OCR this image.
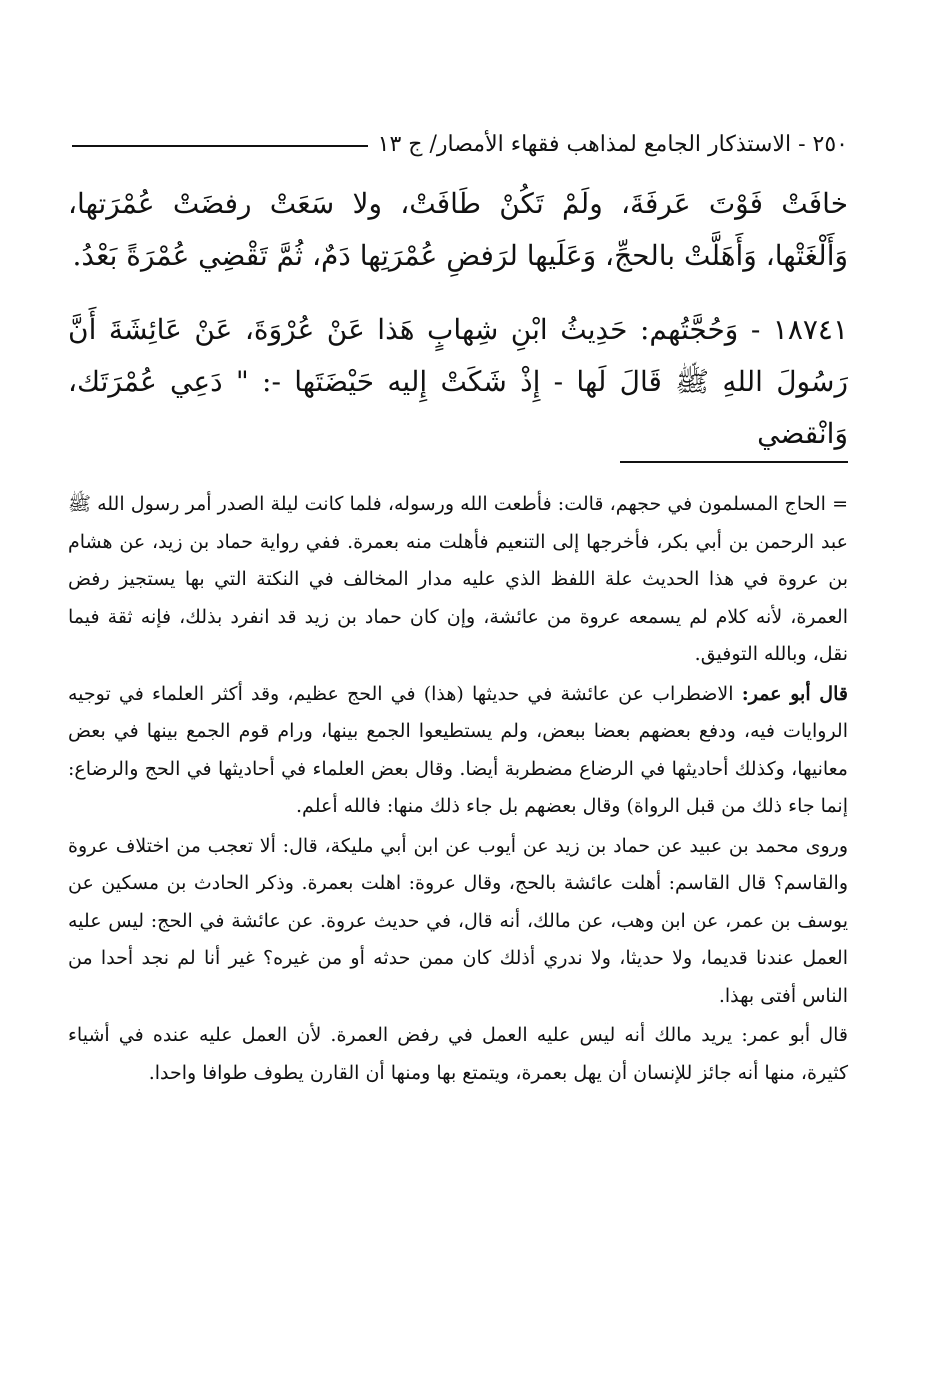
٢٥٠ - الاستذكار الجامع لمذاهب فقهاء الأمصار/ ج ١٣

خافَتْ فَوْتَ عَرفَةَ، ولَمْ تَكُنْ طَافَتْ، ولا سَعَتْ رفضَتْ عُمْرَتها، وَأَلْغَتْها، وَأَهَلَّتْ بالحجِّ، وَعَلَيها لرَفضِ عُمْرَتِها دَمٌ، ثُمَّ تَقْضِي عُمْرَةً بَعْدُ.

١٨٧٤١ - وَحُجَّتُهم: حَدِيثُ ابْنِ شِهابٍ هَذا عَنْ عُرْوَةَ، عَنْ عَائِشَةَ أَنَّ رَسُولَ اللهِ ﷺ قَالَ لَها - إِذْ شَكَتْ إِليه حَيْضَتَها -: " دَعِي عُمْرَتَك، وَانْقضي

= الحاج المسلمون في حجهم، قالت: فأطعت الله ورسوله، فلما كانت ليلة الصدر أمر رسول الله ﷺ عبد الرحمن بن أبي بكر، فأخرجها إلى التنعيم فأهلت منه بعمرة. ففي رواية حماد بن زيد، عن هشام بن عروة في هذا الحديث علة اللفظ الذي عليه مدار المخالف في النكتة التي بها يستجيز رفض العمرة، لأنه كلام لم يسمعه عروة من عائشة، وإن كان حماد بن زيد قد انفرد بذلك، فإنه ثقة فيما نقل، وبالله التوفيق.

قال أبو عمر: الاضطراب عن عائشة في حديثها (هذا) في الحج عظيم، وقد أكثر العلماء في توجيه الروايات فيه، ودفع بعضهم بعضا ببعض، ولم يستطيعوا الجمع بينها، ورام قوم الجمع بينها في بعض معانيها، وكذلك أحاديثها في الرضاع مضطربة أيضا. وقال بعض العلماء في أحاديثها في الحج والرضاع: إنما جاء ذلك من قبل الرواة) وقال بعضهم بل جاء ذلك منها: فالله أعلم.

وروى محمد بن عبيد عن حماد بن زيد عن أيوب عن ابن أبي مليكة، قال: ألا تعجب من اختلاف عروة والقاسم؟ قال القاسم: أهلت عائشة بالحج، وقال عروة: اهلت بعمرة. وذكر الحادث بن مسكين عن يوسف بن عمر، عن ابن وهب، عن مالك، أنه قال، في حديث عروة. عن عائشة في الحج: ليس عليه العمل عندنا قديما، ولا حديثا، ولا ندري أذلك كان ممن حدثه أو من غيره؟ غير أنا لم نجد أحدا من الناس أفتى بهذا.

قال أبو عمر: يريد مالك أنه ليس عليه العمل في رفض العمرة. لأن العمل عليه عنده في أشياء كثيرة، منها أنه جائز للإنسان أن يهل بعمرة، ويتمتع بها ومنها أن القارن يطوف طوافا واحدا.
